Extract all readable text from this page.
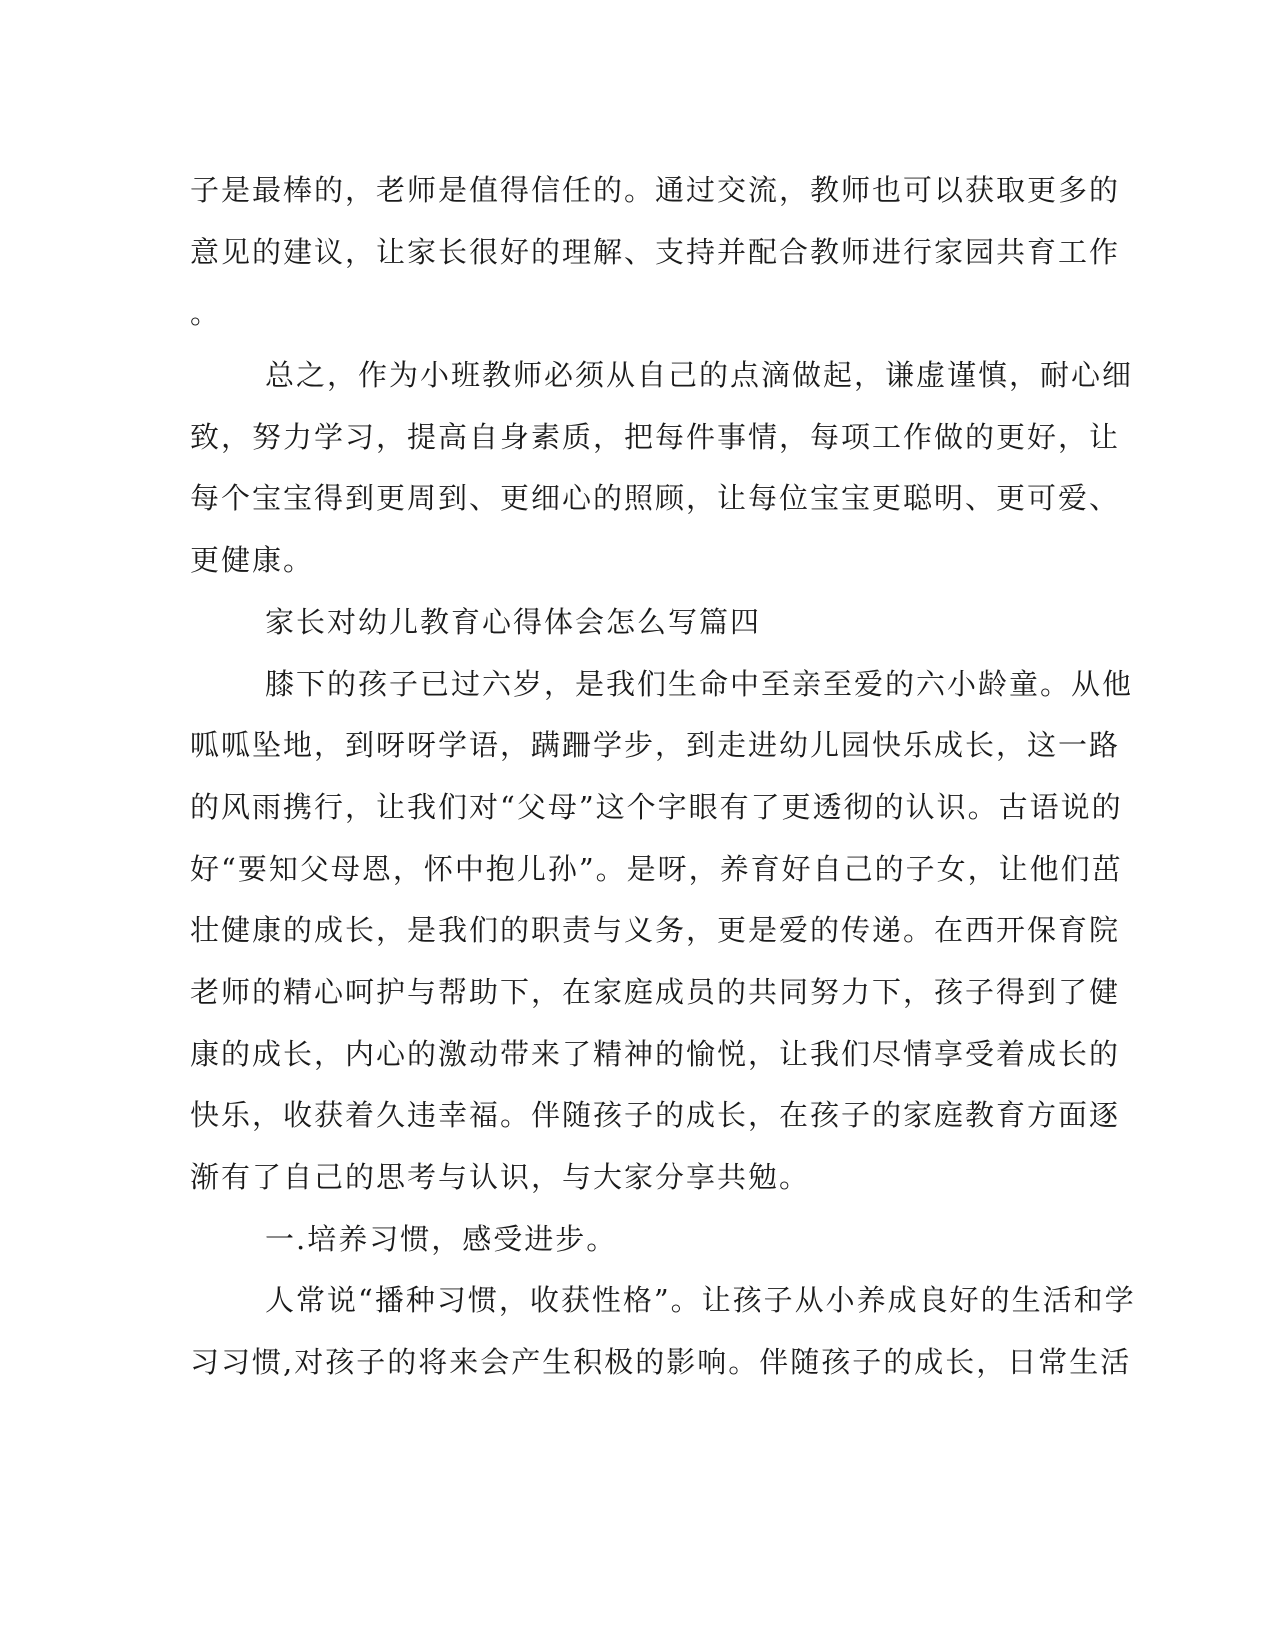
子是最棒的，老师是值得信任的。通过交流，教师也可以获取更多的
意见的建议，让家长很好的理解、支持并配合教师进行家园共育工作
。
总之，作为小班教师必须从自己的点滴做起，谦虚谨慎，耐心细
致，努力学习，提高自身素质，把每件事情，每项工作做的更好，让
每个宝宝得到更周到、更细心的照顾，让每位宝宝更聪明、更可爱、
更健康。
家长对幼儿教育心得体会怎么写篇四
膝下的孩子已过六岁，是我们生命中至亲至爱的六小龄童。从他
呱呱坠地，到呀呀学语，蹒跚学步，到走进幼儿园快乐成长，这一路
的风雨携行，让我们对“父母”这个字眼有了更透彻的认识。古语说的
好“要知父母恩，怀中抱儿孙”。是呀，养育好自己的子女，让他们茁
壮健康的成长，是我们的职责与义务，更是爱的传递。在西开保育院
老师的精心呵护与帮助下，在家庭成员的共同努力下，孩子得到了健
康的成长，内心的激动带来了精神的愉悦，让我们尽情享受着成长的
快乐，收获着久违幸福。伴随孩子的成长，在孩子的家庭教育方面逐
渐有了自己的思考与认识，与大家分享共勉。
一.培养习惯，感受进步。
人常说“播种习惯，收获性格”。让孩子从小养成良好的生活和学
习习惯,对孩子的将来会产生积极的影响。伴随孩子的成长，日常生活
